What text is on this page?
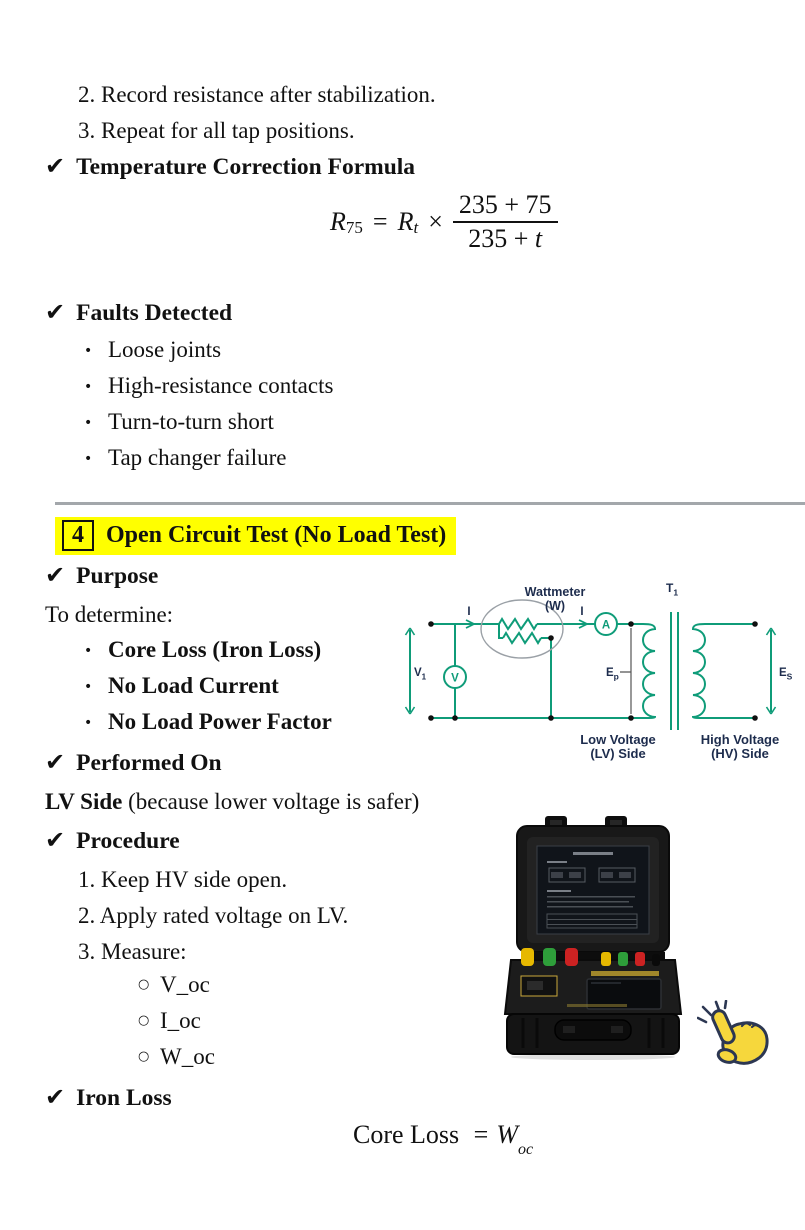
2. Record resistance after stabilization.
3. Repeat for all tap positions.
✔ Temperature Correction Formula
$R_{75} = R_t \times \frac{235 + 75}{235 + t}$
✔ Faults Detected
• Loose joints
• High-resistance contacts
• Turn-to-turn short
• Tap changer failure
4 Open Circuit Test (No Load Test)
✔ Purpose
To determine:
• Core Loss (Iron Loss)
• No Load Current
• No Load Power Factor
Wattmeter
(W)
I	I
A
V
$V_1$
$T_1$
$E_p$	$E_S$
Low Voltage
(LV) Side
High Voltage
(HV) Side
✔ Performed On
LV Side (because lower voltage is safer)
✔ Procedure
1. Keep HV side open.
2. Apply rated voltage on LV.
3. Measure:
○ V_oc
○ I_oc
○ W_oc
✔ Iron Loss
Core Loss = $W_{oc}$
